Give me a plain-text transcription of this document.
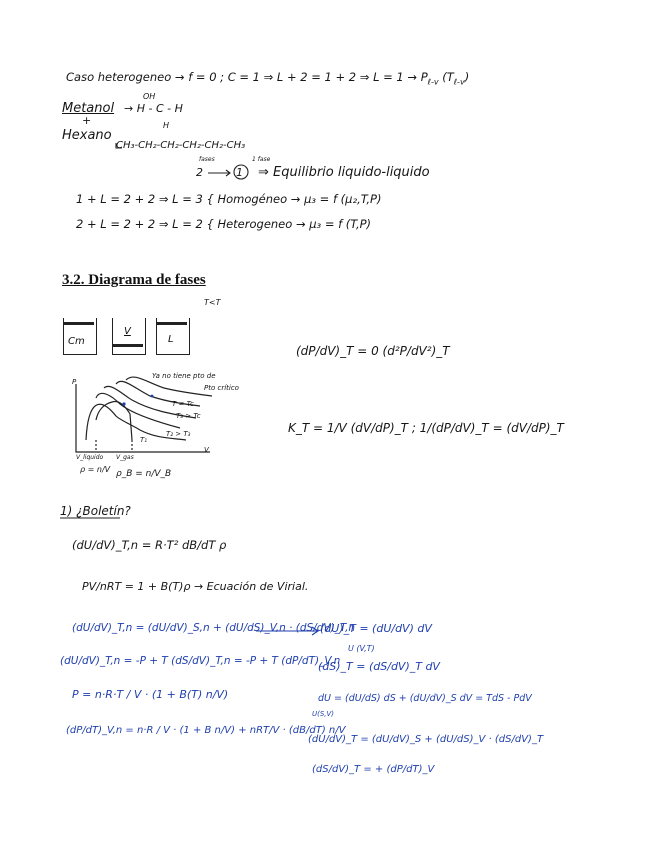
Caso heterogeneo → f = 0 ; C = 1 ⇒ L + 2 = 1 + 2 ⇒ $L = 1 \to P_{\ell-v}$ $(T_{\ell-v})$
OH
Metanol → H - C - H
H
+
Hexano
CH₃-CH₂-CH₂-CH₂-CH₂-CH₃
fases
2
1 fase
1 ⇒ Equilibrio liquido-liquido
1 + L = 2 + 2 ⇒ L = 3 { Homogéneo → μ₃ = f (μ₂,T,P)
2 + L = 2 + 2 ⇒ L = 2 { Heterogeneo → μ₃ = f (T,P)
3.2. Diagrama de fases
T<T
Cm
V
L
P
V
Ya no tiene pto de
Pto crítico
T = Tc
T₃ > Tc
T₂ > T₃
T₁
V_liquido V_gas
ρ = n/V ρ_B = n/V_B
(dP/dV)_T = 0 (d²P/dV²)_T
K_T = 1/V (dV/dP)_T ; 1/(dP/dV)_T = (dV/dP)_T
1) ¿Boletín?
(dU/dV)_T,n = R·T² dB/dT ρ
PV/nRT = 1 + B(T)ρ → Ecuación de Virial.
(dU/dV)_T,n = (dU/dV)_S,n + (dU/dS)_V,n · (dS/dV)_T,n
(dU)_T = (dU/dV) dV
U (V,T)
(dU/dV)_T,n = -P + T (dS/dV)_T,n = -P + T (dP/dT)_V,n
(dS)_T = (dS/dV)_T dV
P = n·R·T / V · (1 + B(T) n/V)	dU = (dU/dS) dS + (dU/dV)_S dV = TdS - PdV
U(S,V)
(dP/dT)_V,n = n·R / V · (1 + B n/V) + nRT/V · (dB/dT) n/V
(dU/dV)_T = (dU/dV)_S + (dU/dS)_V · (dS/dV)_T
(dS/dV)_T = + (dP/dT)_V
